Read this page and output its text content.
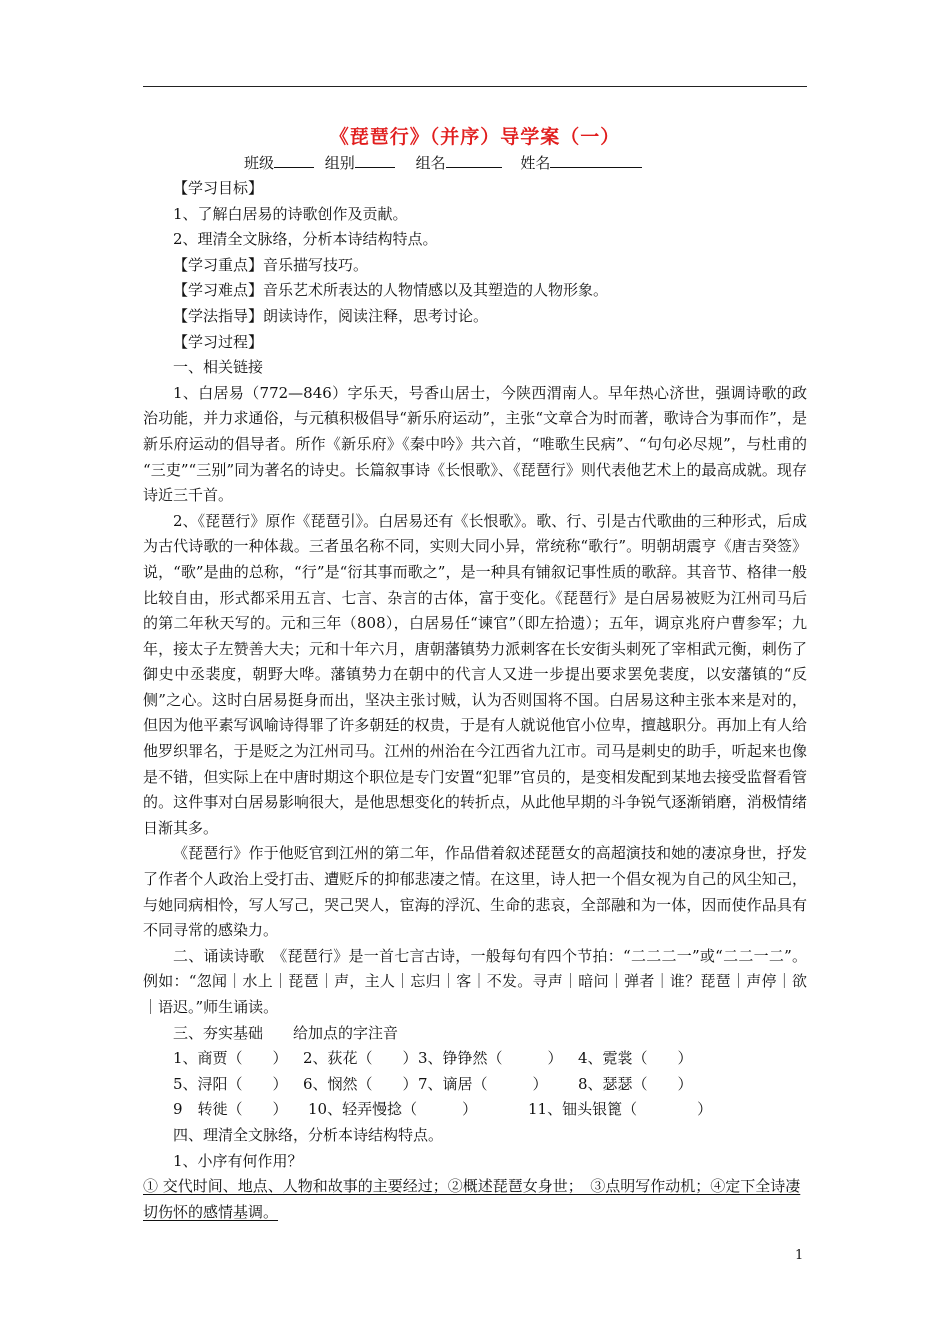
《琵琶行》（并序）导学案（一）
班级	组别	组名	姓名

【学习目标】

1、了解白居易的诗歌创作及贡献。

2、理清全文脉络，分析本诗结构特点。

【学习重点】音乐描写技巧。

【学习难点】音乐艺术所表达的人物情感以及其塑造的人物形象。

【学法指导】朗读诗作，阅读注释，思考讨论。

【学习过程】

一、相关链接

1、白居易（772—846）字乐天，号香山居士，今陕西渭南人。早年热心济世，强调诗歌的政治功能，并力求通俗，与元稹积极倡导“新乐府运动”，主张“文章合为时而著，歌诗合为事而作”，是新乐府运动的倡导者。所作《新乐府》《秦中吟》共六首，“唯歌生民病”、“句句必尽规”，与杜甫的 “三吏”“三别”同为著名的诗史。长篇叙事诗《长恨歌》、《琵琶行》则代表他艺术上的最高成就。现存诗近三千首。

2、《琵琶行》原作《琵琶引》。白居易还有《长恨歌》。歌、行、引是古代歌曲的三种形式，后成为古代诗歌的一种体裁。三者虽名称不同，实则大同小异，常统称“歌行”。明朝胡震亨《唐吉癸签》说，“歌”是曲的总称，“行”是“衍其事而歌之”，是一种具有铺叙记事性质的歌辞。其音节、格律一般比较自由，形式都采用五言、七言、杂言的古体，富于变化。《琵琶行》是白居易被贬为江州司马后的第二年秋天写的。元和三年（808），白居易任“谏官”（即左拾遗）；五年，调京兆府户曹参军；九年，接太子左赞善大夫；元和十年六月，唐朝藩镇势力派刺客在长安街头刺死了宰相武元衡，刺伤了御史中丞裴度，朝野大哗。藩镇势力在朝中的代言人又进一步提出要求罢免裴度，以安藩镇的“反侧”之心。这时白居易挺身而出，坚决主张讨贼，认为否则国将不国。白居易这种主张本来是对的，但因为他平素写讽喻诗得罪了许多朝廷的权贵，于是有人就说他官小位卑，擅越职分。再加上有人给他罗织罪名，于是贬之为江州司马。江州的州治在今江西省九江市。司马是刺史的助手，听起来也像是不错，但实际上在中唐时期这个职位是专门安置“犯罪”官员的，是变相发配到某地去接受监督看管的。这件事对白居易影响很大，是他思想变化的转折点，从此他早期的斗争锐气逐渐销磨，消极情绪日渐其多。

《琵琶行》作于他贬官到江州的第二年，作品借着叙述琵琶女的高超演技和她的凄凉身世，抒发了作者个人政治上受打击、遭贬斥的抑郁悲凄之情。在这里，诗人把一个倡女视为自己的风尘知己，与她同病相怜，写人写己，哭己哭人，宦海的浮沉、生命的悲哀，全部融和为一体，因而使作品具有不同寻常的感染力。

二、诵读诗歌　《琵琶行》是一首七言古诗，一般每句有四个节拍：“二二二一”或“二二一二”。例如：“忽闻｜水上｜琵琶｜声，主人｜忘归｜客｜不发。寻声｜暗问｜弹者｜谁？琵琶｜声停｜欲｜语迟。”师生诵读。

三、夯实基础　　给加点的字注音

1、商贾（　　） 2、荻花（　　）3、铮铮然（　　　） 4、霓裳（　　）
5、浔阳（　　） 6、悯然（　　）7、谪居（　　　） 8、瑟瑟（　　）
9　转徙（　　） 10、轻弄慢捻（　　　）	11、钿头银篦（　　　　）

四、理清全文脉络，分析本诗结构特点。

1、小序有何作用？

① 交代时间、地点、人物和故事的主要经过；②概述琵琶女身世；　③点明写作动机；④定下全诗凄切伤怀的感情基调。

1
